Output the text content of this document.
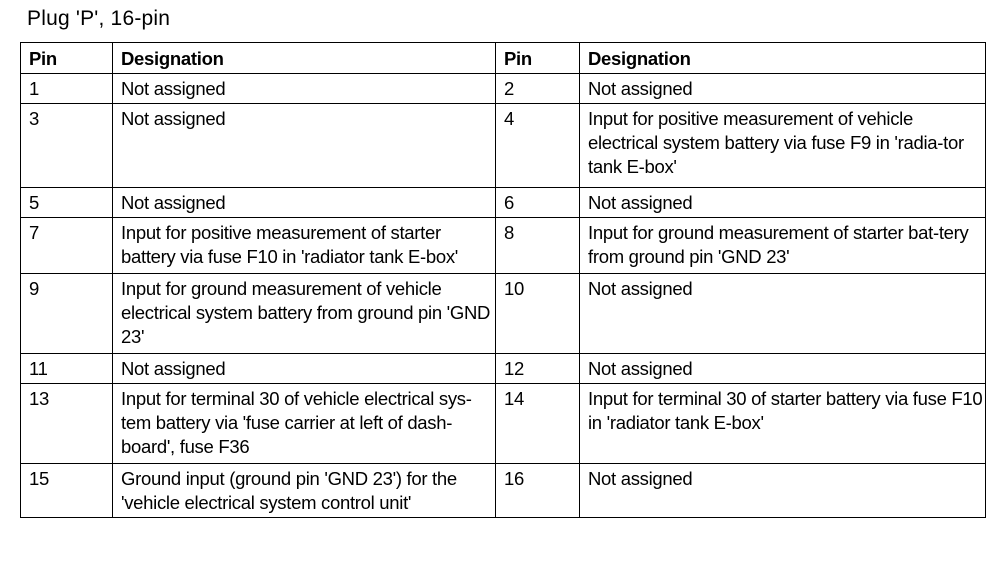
Plug 'P', 16-pin
Pin	Designation	Pin	Designation
1	Not assigned	2	Not assigned
3	Not assigned	4	Input for positive measurement of vehicle electrical system battery via fuse F9 in 'radia-tor tank E-box'
5	Not assigned	6	Not assigned
7	Input for positive measurement of starter battery via fuse F10 in 'radiator tank E-box'	8	Input for ground measurement of starter bat-tery from ground pin 'GND 23'
9	Input for ground measurement of vehicle electrical system battery from ground pin 'GND 23'	10	Not assigned
11	Not assigned	12	Not assigned
13	Input for terminal 30 of vehicle electrical sys-tem battery via 'fuse carrier at left of dash-board', fuse F36	14	Input for terminal 30 of starter battery via fuse F10 in 'radiator tank E-box'
15	Ground input (ground pin 'GND 23') for the 'vehicle electrical system control unit'	16	Not assigned
